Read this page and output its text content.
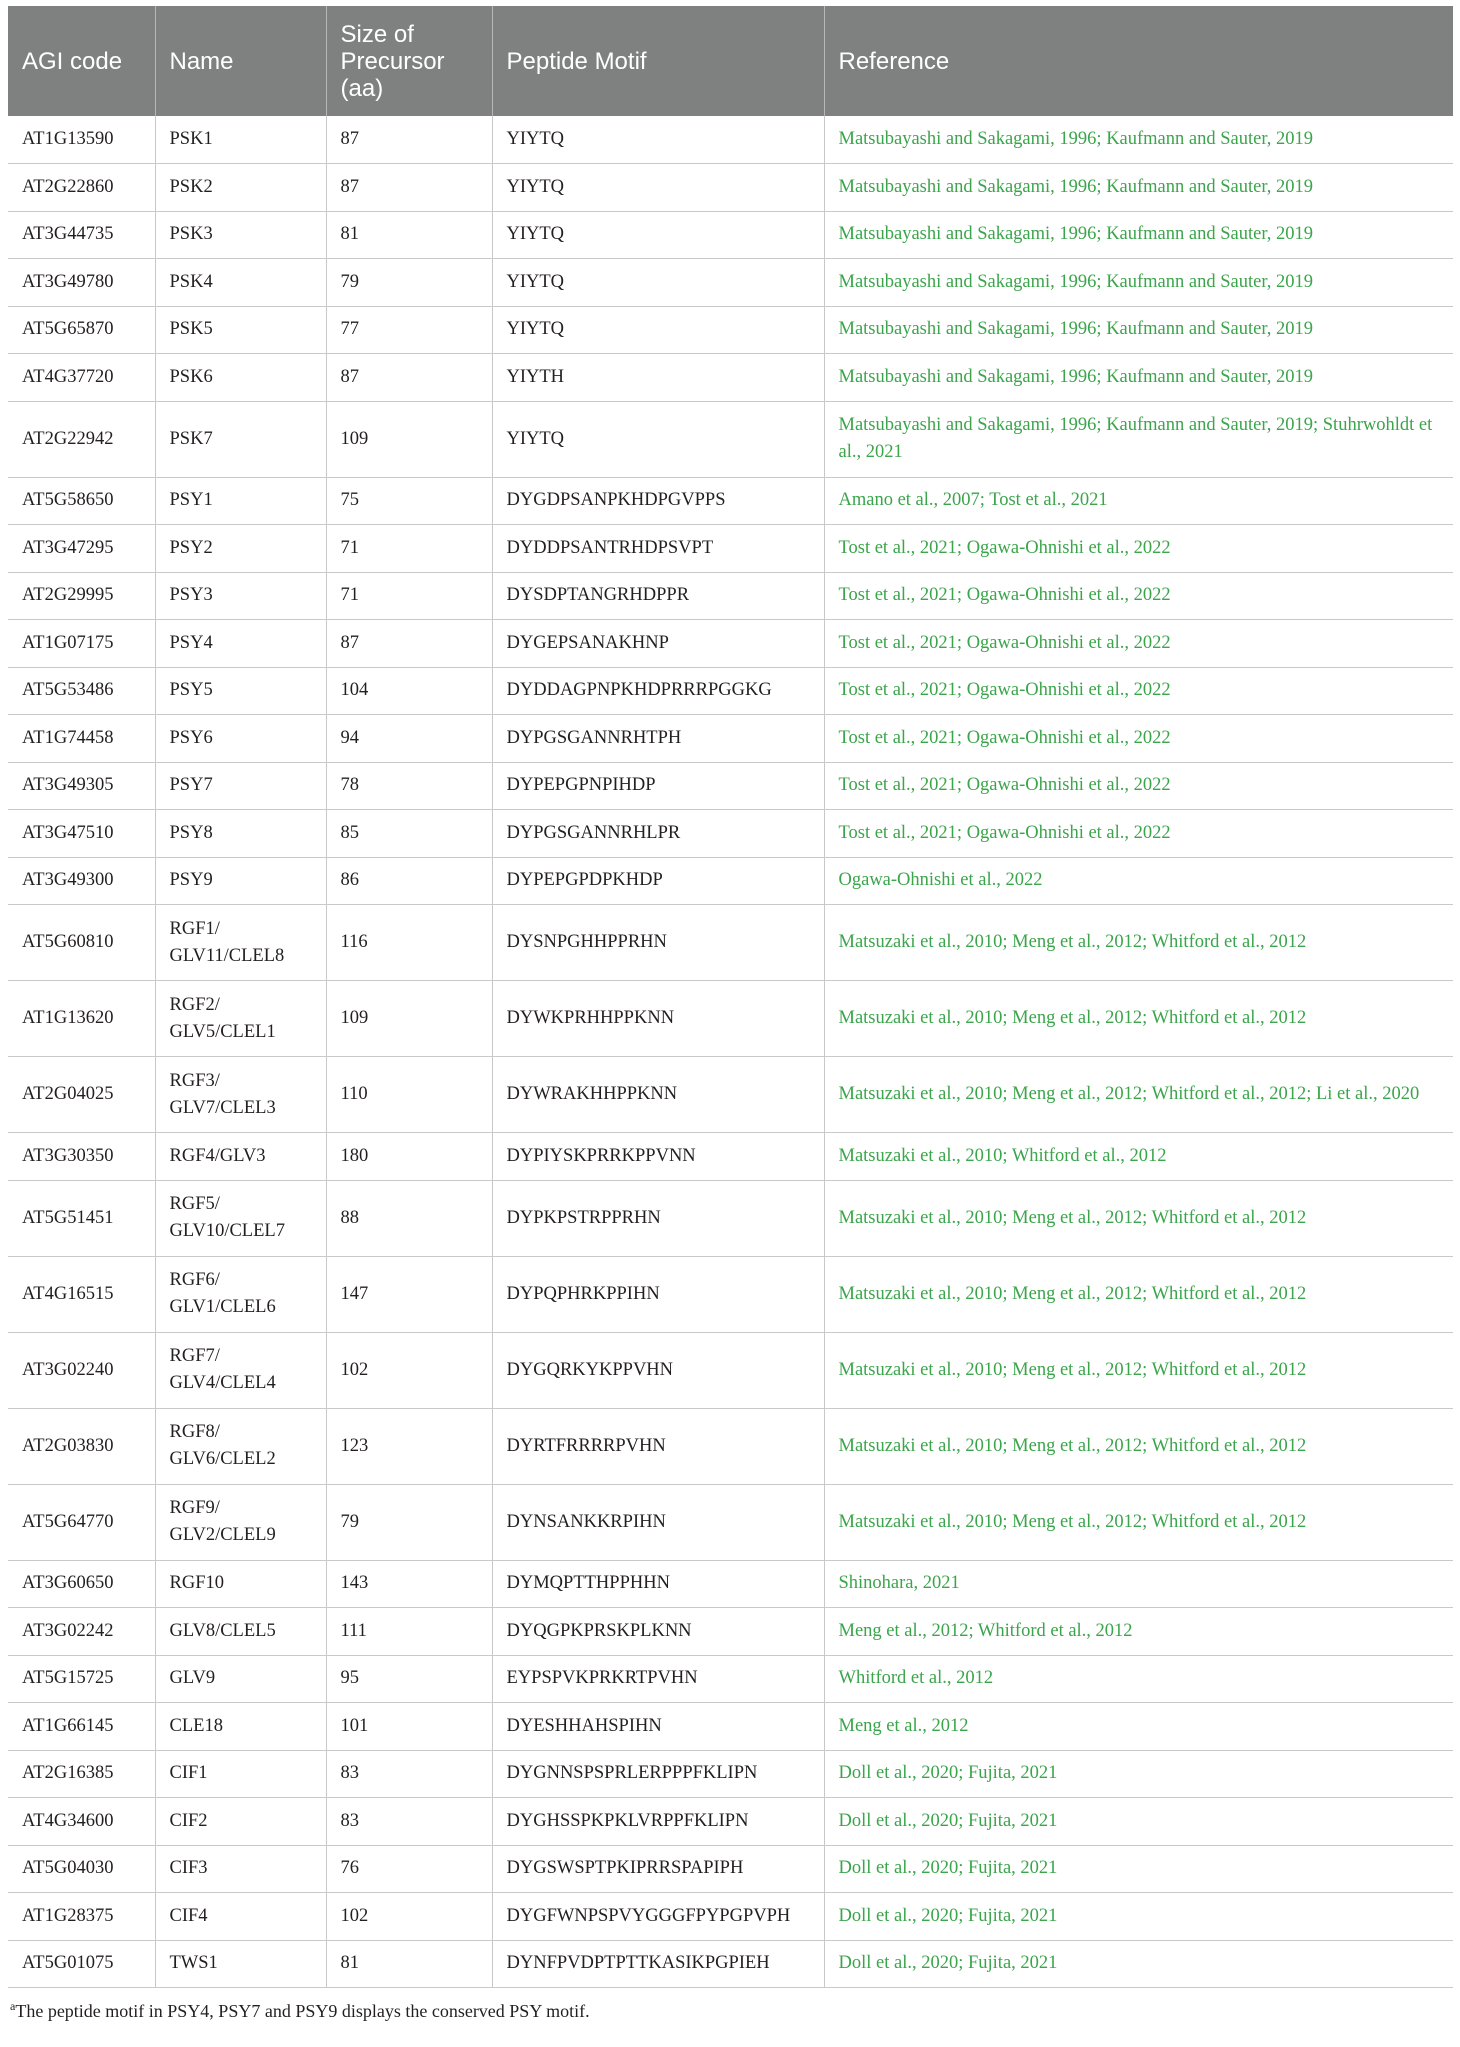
AGI code	Name	Size of Precursor (aa)	Peptide Motif	Reference
AT1G13590	PSK1	87	YIYTQ	Matsubayashi and Sakagami, 1996; Kaufmann and Sauter, 2019
AT2G22860	PSK2	87	YIYTQ	Matsubayashi and Sakagami, 1996; Kaufmann and Sauter, 2019
AT3G44735	PSK3	81	YIYTQ	Matsubayashi and Sakagami, 1996; Kaufmann and Sauter, 2019
AT3G49780	PSK4	79	YIYTQ	Matsubayashi and Sakagami, 1996; Kaufmann and Sauter, 2019
AT5G65870	PSK5	77	YIYTQ	Matsubayashi and Sakagami, 1996; Kaufmann and Sauter, 2019
AT4G37720	PSK6	87	YIYTH	Matsubayashi and Sakagami, 1996; Kaufmann and Sauter, 2019
AT2G22942	PSK7	109	YIYTQ	Matsubayashi and Sakagami, 1996; Kaufmann and Sauter, 2019; Stuhrwohldt et al., 2021
AT5G58650	PSY1	75	DYGDPSANPKHDPGVPPS	Amano et al., 2007; Tost et al., 2021
AT3G47295	PSY2	71	DYDDPSANTRHDPSVPT	Tost et al., 2021; Ogawa-Ohnishi et al., 2022
AT2G29995	PSY3	71	DYSDPTANGRHDPPR	Tost et al., 2021; Ogawa-Ohnishi et al., 2022
AT1G07175	PSY4	87	DYGEPSANAKHNP	Tost et al., 2021; Ogawa-Ohnishi et al., 2022
AT5G53486	PSY5	104	DYDDAGPNPKHDPRRRPGGKG	Tost et al., 2021; Ogawa-Ohnishi et al., 2022
AT1G74458	PSY6	94	DYPGSGANNRHTPH	Tost et al., 2021; Ogawa-Ohnishi et al., 2022
AT3G49305	PSY7	78	DYPEPGPNPIHDP	Tost et al., 2021; Ogawa-Ohnishi et al., 2022
AT3G47510	PSY8	85	DYPGSGANNRHLPR	Tost et al., 2021; Ogawa-Ohnishi et al., 2022
AT3G49300	PSY9	86	DYPEPGPDPKHDP	Ogawa-Ohnishi et al., 2022
AT5G60810	RGF1/ GLV11/CLEL8	116	DYSNPGHHPPRHN	Matsuzaki et al., 2010; Meng et al., 2012; Whitford et al., 2012
AT1G13620	RGF2/ GLV5/CLEL1	109	DYWKPRHHPPKNN	Matsuzaki et al., 2010; Meng et al., 2012; Whitford et al., 2012
AT2G04025	RGF3/ GLV7/CLEL3	110	DYWRAKHHPPKNN	Matsuzaki et al., 2010; Meng et al., 2012; Whitford et al., 2012; Li et al., 2020
AT3G30350	RGF4/GLV3	180	DYPIYSKPRRKPPVNN	Matsuzaki et al., 2010; Whitford et al., 2012
AT5G51451	RGF5/ GLV10/CLEL7	88	DYPKPSTRPPRHN	Matsuzaki et al., 2010; Meng et al., 2012; Whitford et al., 2012
AT4G16515	RGF6/ GLV1/CLEL6	147	DYPQPHRKPPIHN	Matsuzaki et al., 2010; Meng et al., 2012; Whitford et al., 2012
AT3G02240	RGF7/ GLV4/CLEL4	102	DYGQRKYKPPVHN	Matsuzaki et al., 2010; Meng et al., 2012; Whitford et al., 2012
AT2G03830	RGF8/ GLV6/CLEL2	123	DYRTFRRRRPVHN	Matsuzaki et al., 2010; Meng et al., 2012; Whitford et al., 2012
AT5G64770	RGF9/ GLV2/CLEL9	79	DYNSANKKRPIHN	Matsuzaki et al., 2010; Meng et al., 2012; Whitford et al., 2012
AT3G60650	RGF10	143	DYMQPTTHPPHHN	Shinohara, 2021
AT3G02242	GLV8/CLEL5	111	DYQGPKPRSKPLKNN	Meng et al., 2012; Whitford et al., 2012
AT5G15725	GLV9	95	EYPSPVKPRKRTPVHN	Whitford et al., 2012
AT1G66145	CLE18	101	DYESHHAHSPIHN	Meng et al., 2012
AT2G16385	CIF1	83	DYGNNSPSPRLERPPPFKLIPN	Doll et al., 2020; Fujita, 2021
AT4G34600	CIF2	83	DYGHSSPKPKLVRPPFKLIPN	Doll et al., 2020; Fujita, 2021
AT5G04030	CIF3	76	DYGSWSPTPKIPRRSPAPIPH	Doll et al., 2020; Fujita, 2021
AT1G28375	CIF4	102	DYGFWNPSPVYGGGFPYPGPVPH	Doll et al., 2020; Fujita, 2021
AT5G01075	TWS1	81	DYNFPVDPTPTTKASIKPGPIEH	Doll et al., 2020; Fujita, 2021
$^a$The peptide motif in PSY4, PSY7 and PSY9 displays the conserved PSY motif.
